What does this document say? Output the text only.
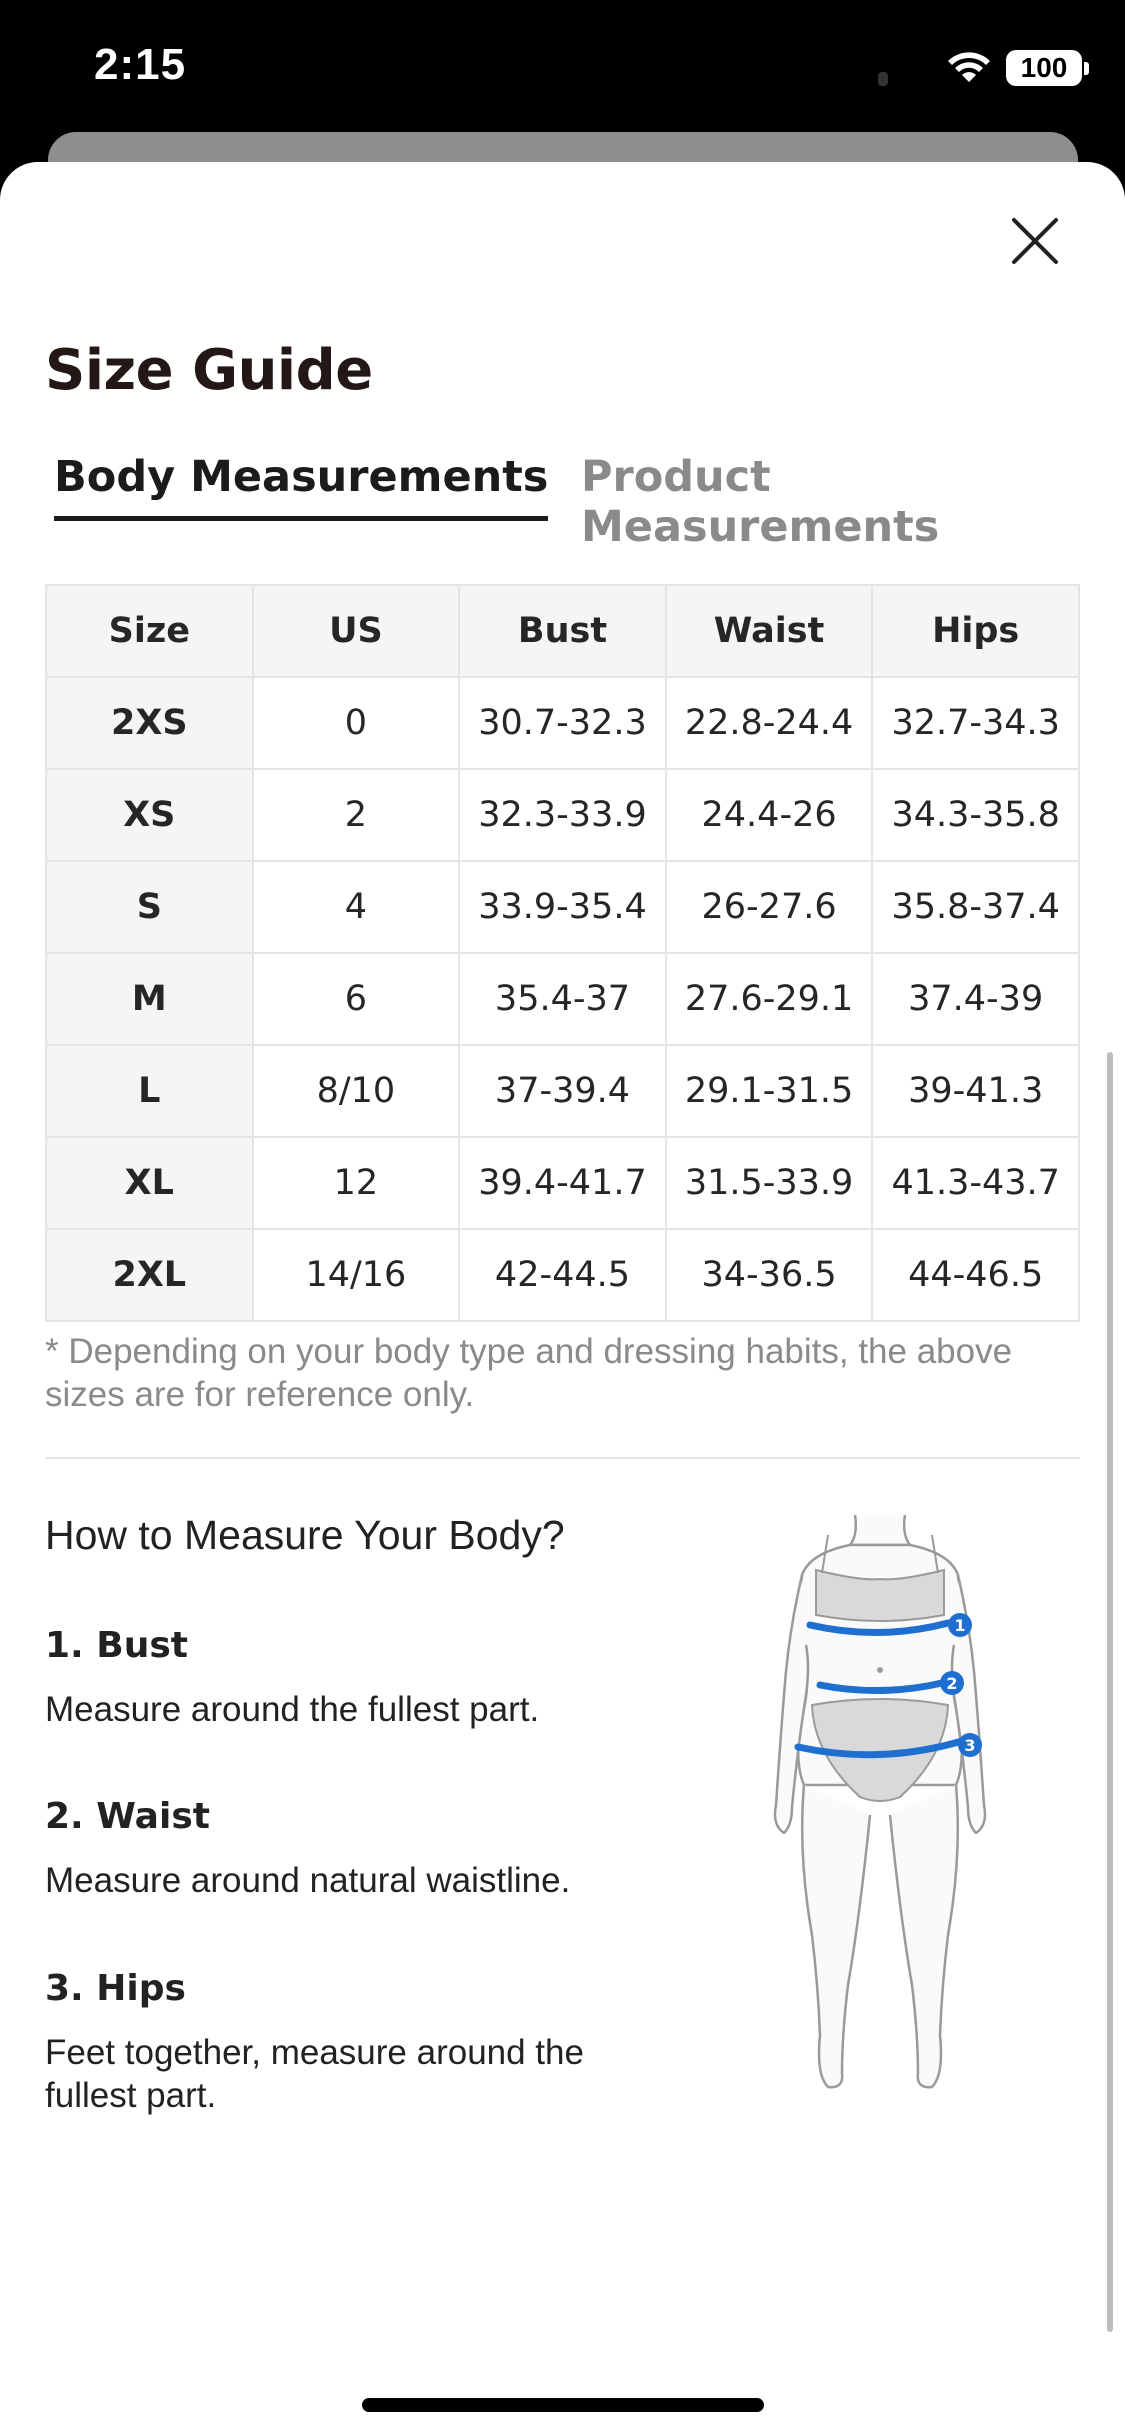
2:15	100
Size Guide
Body Measurements Product Measurements
Size	US	Bust	Waist	Hips
2XS	0	30.7-32.3	22.8-24.4	32.7-34.3
XS	2	32.3-33.9	24.4-26	34.3-35.8
S	4	33.9-35.4	26-27.6	35.8-37.4
M	6	35.4-37	27.6-29.1	37.4-39
L	8/10	37-39.4	29.1-31.5	39-41.3
XL	12	39.4-41.7	31.5-33.9	41.3-43.7
2XL	14/16	42-44.5	34-36.5	44-46.5
* Depending on your body type and dressing habits, the above sizes are for reference only.
How to Measure Your Body?
1. Bust
Measure around the fullest part.
2. Waist
Measure around natural waistline.
3. Hips
Feet together, measure around the fullest part.
1
2
3
